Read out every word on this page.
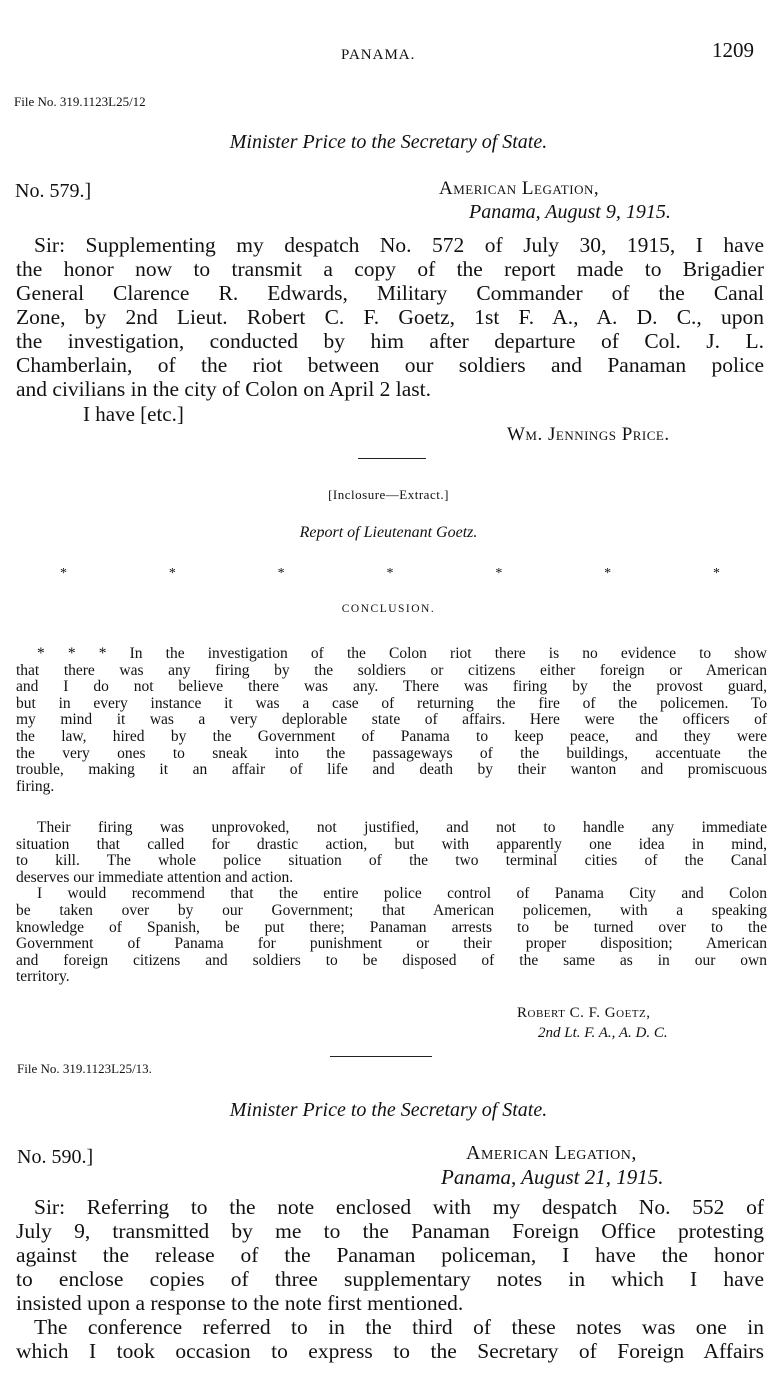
PANAMA.	1209
File No. 319.1123L25/12
Minister Price to the Secretary of State.
No. 579.]	American Legation,
Panama, August 9, 1915.
Sir: Supplementing my despatch No. 572 of July 30, 1915, I have
the honor now to transmit a copy of the report made to Brigadier
General Clarence R. Edwards, Military Commander of the Canal
Zone, by 2nd Lieut. Robert C. F. Goetz, 1st F. A., A. D. C., upon
the investigation, conducted by him after departure of Col. J. L.
Chamberlain, of the riot between our soldiers and Panaman police
and civilians in the city of Colon on April 2 last.
I have [etc.]
Wm. Jennings Price.
[Inclosure—Extract.]
Report of Lieutenant Goetz.
*	*	*	*	*	*	*
CONCLUSION.
* * * In the investigation of the Colon riot there is no evidence to show
that there was any firing by the soldiers or citizens either foreign or American
and I do not believe there was any. There was firing by the provost guard,
but in every instance it was a case of returning the fire of the policemen. To
my mind it was a very deplorable state of affairs. Here were the officers of
the law, hired by the Government of Panama to keep peace, and they were
the very ones to sneak into the passageways of the buildings, accentuate the
trouble, making it an affair of life and death by their wanton and promiscuous
firing.
Their firing was unprovoked, not justified, and not to handle any immediate
situation that called for drastic action, but with apparently one idea in mind,
to kill. The whole police situation of the two terminal cities of the Canal
deserves our immediate attention and action.
I would recommend that the entire police control of Panama City and Colon
be taken over by our Government; that American policemen, with a speaking
knowledge of Spanish, be put there; Panaman arrests to be turned over to the
Government of Panama for punishment or their proper disposition; American
and foreign citizens and soldiers to be disposed of the same as in our own
territory.
Robert C. F. Goetz,
2nd Lt. F. A., A. D. C.
File No. 319.1123L25/13.
Minister Price to the Secretary of State.
No. 590.]	American Legation,
Panama, August 21, 1915.
Sir: Referring to the note enclosed with my despatch No. 552 of
July 9, transmitted by me to the Panaman Foreign Office protesting
against the release of the Panaman policeman, I have the honor
to enclose copies of three supplementary notes in which I have
insisted upon a response to the note first mentioned.
The conference referred to in the third of these notes was one in
which I took occasion to express to the Secretary of Foreign Affairs
